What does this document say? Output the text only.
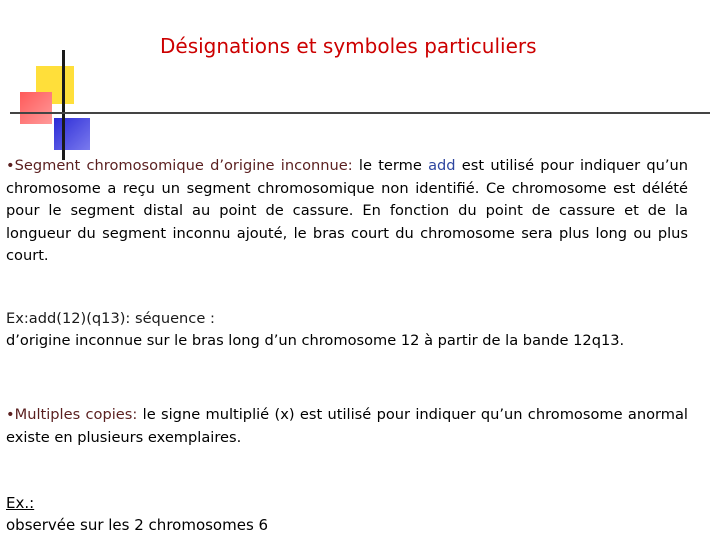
Désignations et symboles particuliers
•Segment chromosomique d’origine inconnue: le terme add est utilisé pour indiquer qu’un chromosome a reçu un segment chromosomique non identifié. Ce chromosome est délété pour le segment distal au point de cassure. En fonction du point de cassure et de la longueur du segment inconnu ajouté, le bras court du chromosome sera plus long ou plus court.
Ex:add(12)(q13): séquence :
d’origine inconnue sur le bras long d’un chromosome 12 à partir de la bande 12q13.
•Multiples copies: le signe multiplié (x) est utilisé pour indiquer qu’un chromosome anormal existe en plusieurs exemplaires.
Ex.:
observée sur les 2 chromosomes 6
